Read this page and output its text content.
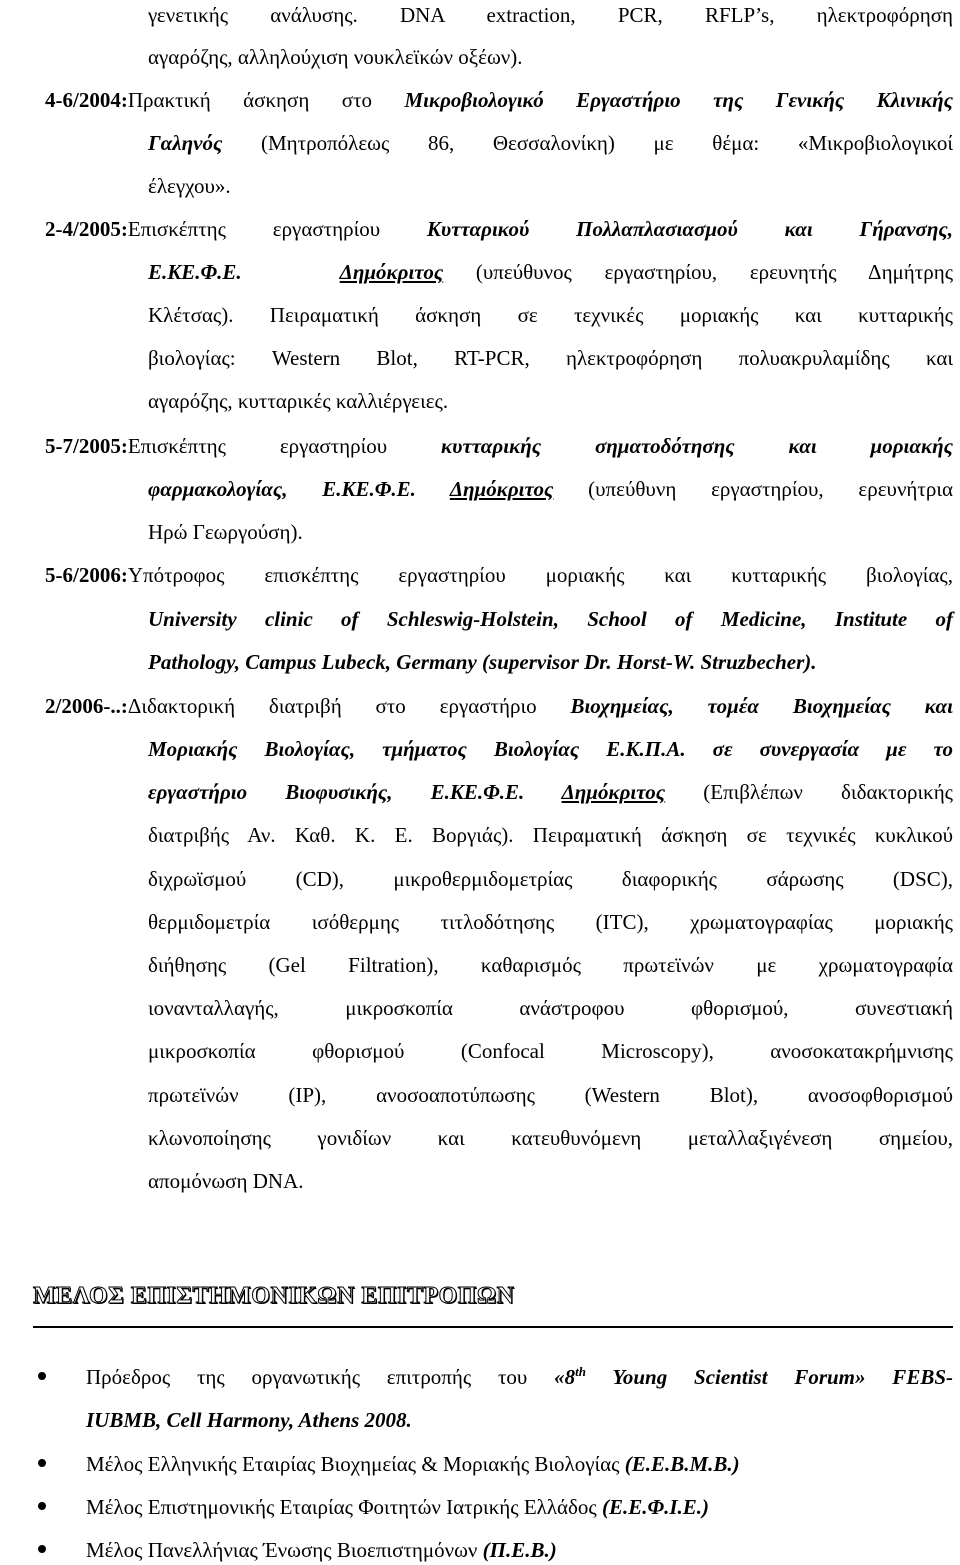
γενετικής ανάλυσης. DNA extraction, PCR, RFLP’s, ηλεκτροφόρηση
αγαρόζης, αλληλούχιση νουκλεϊκών οξέων).
4-6/2004:Πρακτική άσκηση στο Μικροβιολογικό Εργαστήριο της Γενικής Κλινικής
Γαληνός (Μητροπόλεως 86, Θεσσαλονίκη) με θέμα: «Μικροβιολογικοί
έλεγχου».
2-4/2005:Επισκέπτης εργαστηρίου Κυτταρικού Πολλαπλασιασμού και Γήρανσης,
Ε.ΚΕ.Φ.Ε.	Δημόκριτος (υπεύθυνος εργαστηρίου, ερευνητής Δημήτρης
Κλέτσας). Πειραματική άσκηση σε τεχνικές μοριακής και κυτταρικής
βιολογίας: Western Blot, RT-PCR, ηλεκτροφόρηση πολυακρυλαμίδης και
αγαρόζης, κυτταρικές καλλιέργειες.
5-7/2005:Επισκέπτης εργαστηρίου κυτταρικής σηματοδότησης και μοριακής
φαρμακολογίας, Ε.ΚΕ.Φ.Ε. Δημόκριτος (υπεύθυνη εργαστηρίου, ερευνήτρια
Ηρώ Γεωργούση).
5-6/2006:Υπότροφος επισκέπτης εργαστηρίου μοριακής και κυτταρικής βιολογίας,
University clinic of Schleswig-Holstein, School of Medicine, Institute of
Pathology, Campus Lubeck, Germany (supervisor Dr. Horst-W. Struzbecher).
2/2006-..:Διδακτορική διατριβή στο εργαστήριο Βιοχημείας, τομέα Βιοχημείας και
Μοριακής Βιολογίας, τμήματος Βιολογίας Ε.Κ.Π.Α. σε συνεργασία με το
εργαστήριο Βιοφυσικής, Ε.ΚΕ.Φ.Ε. Δημόκριτος (Επιβλέπων διδακτορικής
διατριβής Αν. Καθ. Κ. Ε. Βοργιάς). Πειραματική άσκηση σε τεχνικές κυκλικού
διχρωϊσμού (CD), μικροθερμιδομετρίας διαφορικής σάρωσης (DSC),
θερμιδομετρία ισόθερμης τιτλοδότησης (ITC), χρωματογραφίας μοριακής
διήθησης (Gel Filtration), καθαρισμός πρωτεϊνών με χρωματογραφία
ιονανταλλαγής, μικροσκοπία ανάστροφου φθορισμού, συνεστιακή
μικροσκοπία φθορισμού (Confocal Microscopy), ανοσοκατακρήμνισης
πρωτεϊνών (IP), ανοσοαποτύπωσης (Western Blot), ανοσοφθορισμού
κλωνοποίησης γονιδίων και κατευθυνόμενη μεταλλαξιγένεση σημείου,
απομόνωση DNA.
ΜΕΛΟΣ ΕΠΙΣΤΗΜΟΝΙΚΩΝ ΕΠΙΤΡΟΠΩΝ
Πρόεδρος της οργανωτικής επιτροπής του «8th Young Scientist Forum» FEBS-
IUBMB, Cell Harmony, Athens 2008.
Μέλος Ελληνικής Εταιρίας Βιοχημείας & Μοριακής Βιολογίας (Ε.Ε.Β.Μ.Β.)
Μέλος Επιστημονικής Εταιρίας Φοιτητών Ιατρικής Ελλάδος (Ε.Ε.Φ.Ι.Ε.)
Μέλος Πανελλήνιας Ένωσης Βιοεπιστημόνων (Π.Ε.Β.)
